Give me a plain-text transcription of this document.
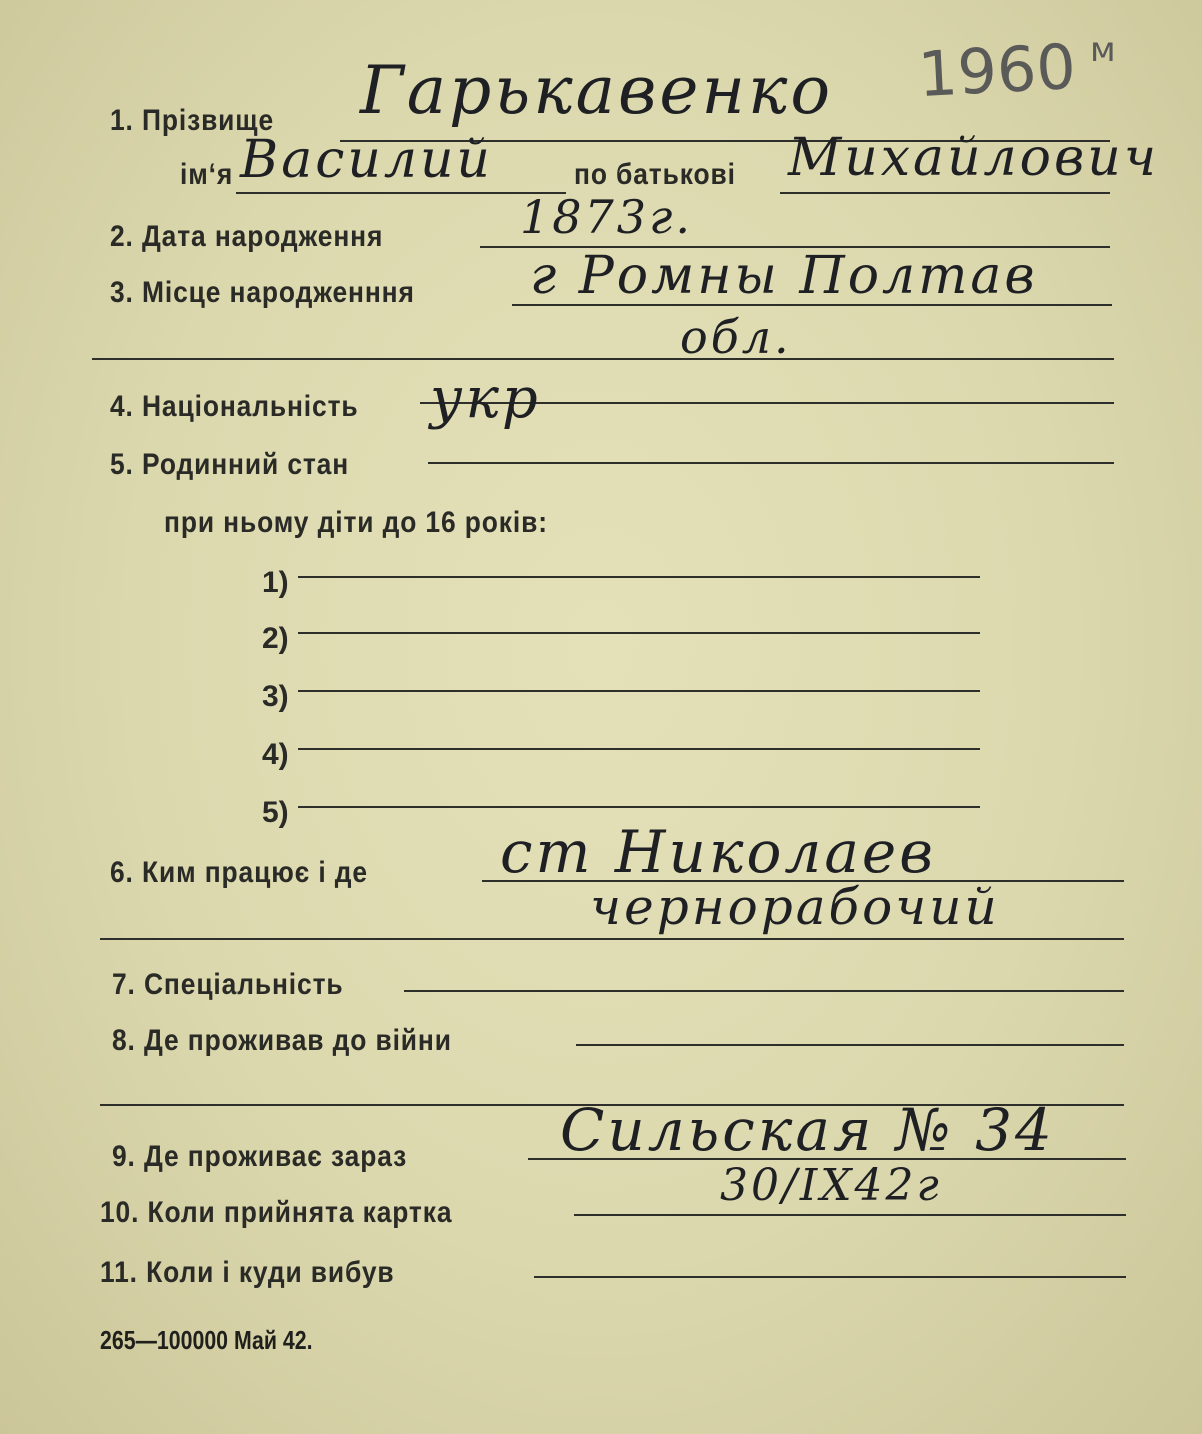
1960 м
1. Прізвище Гарькавенко
ім‘я Василий	по батькові Михайлович
2. Дата народження	1873г.
3. Місце народженння г Ромны Полтав
обл.
4. Національність укр
5. Родинний стан
при ньому діти до 16 років:
1)
2)
3)
4)
5)
6. Ким працює і де ст Николаев
чернорабочий
7. Спеціальність
8. Де проживав до війни
9. Де проживає зараз	Сильская № 34
10. Коли прийнята картка
30/IX42г
11. Коли і куди вибув
265—100000 Май 42.
